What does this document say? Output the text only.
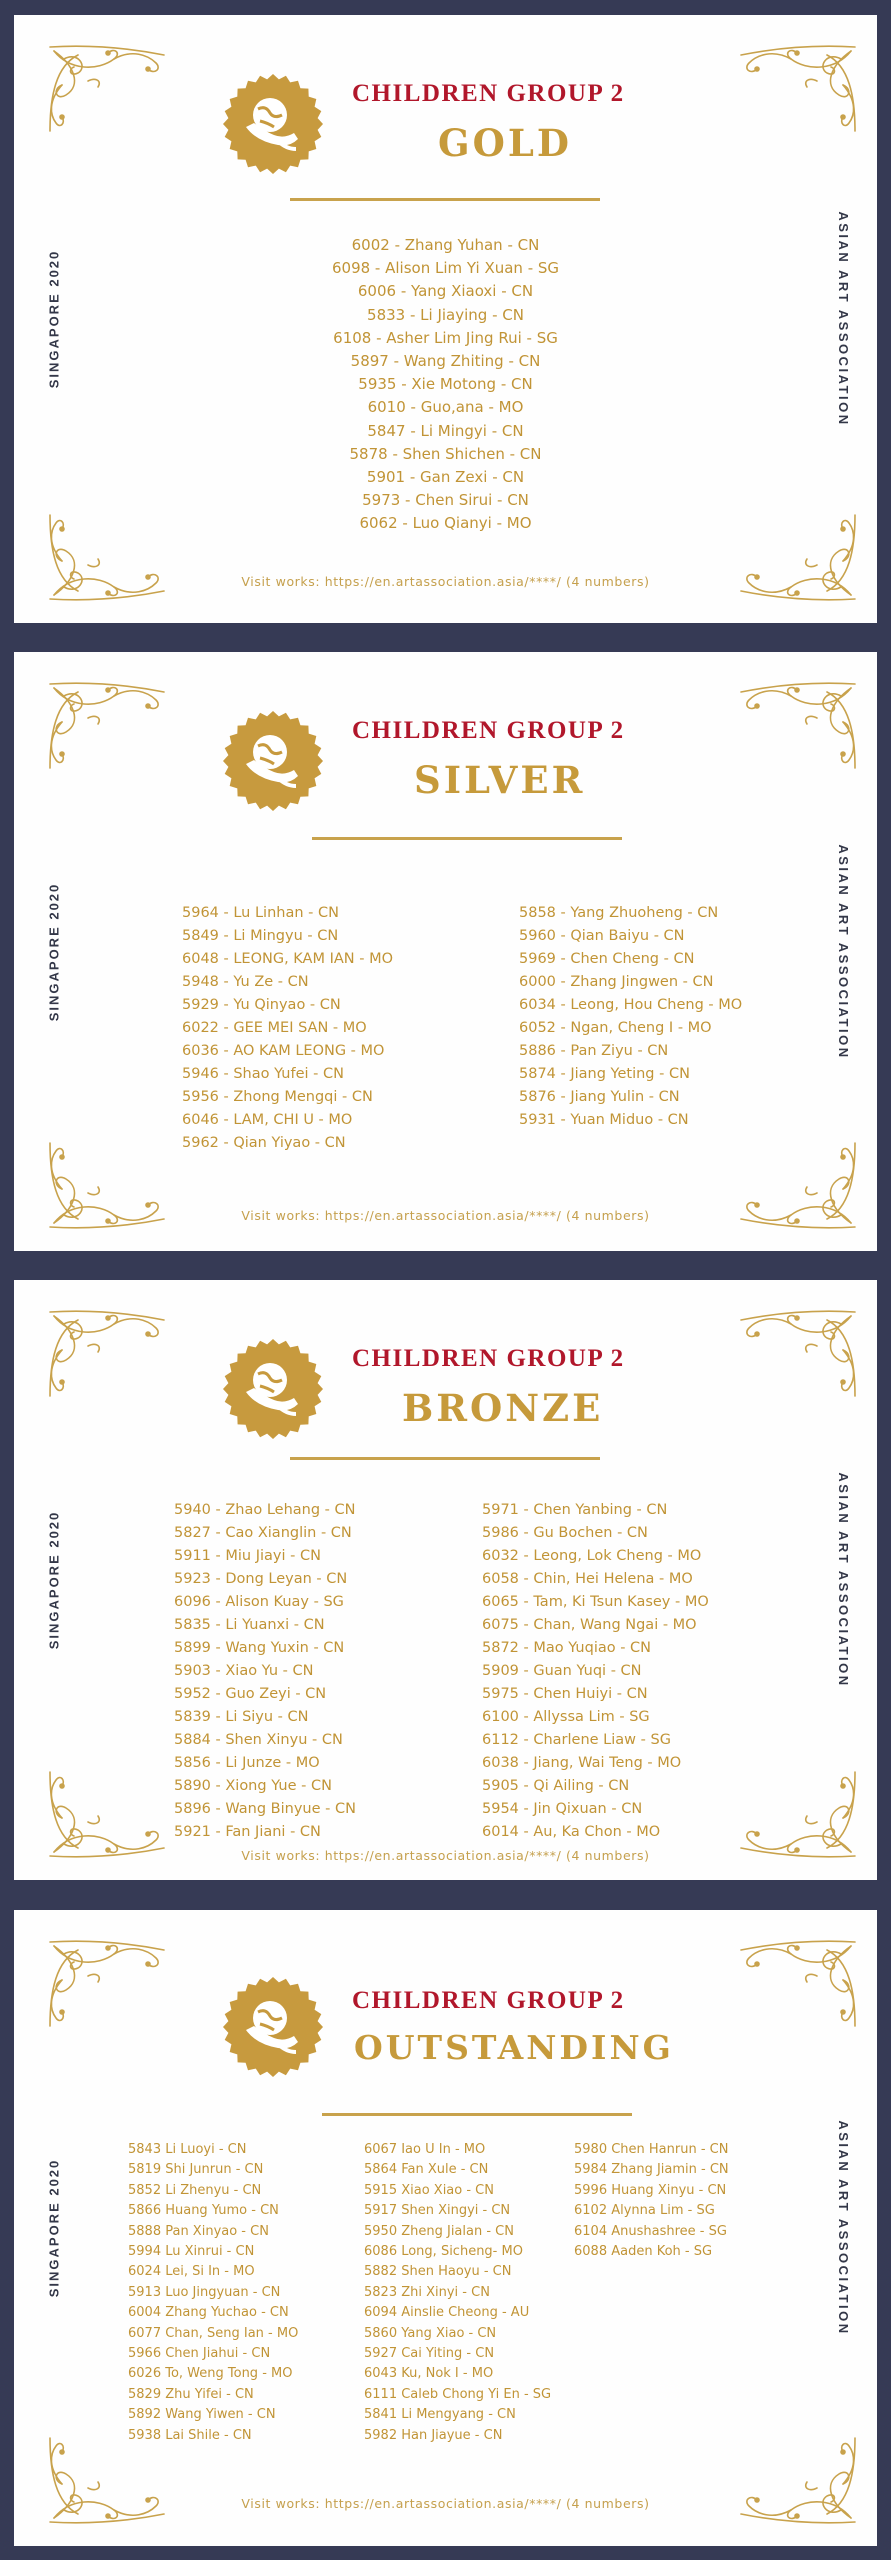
SINGAPORE 2020	ASIAN ART ASSOCIATION
CHILDREN GROUP 2
GOLD
6002 - Zhang Yuhan - CN
6098 - Alison Lim Yi Xuan - SG
6006 - Yang Xiaoxi - CN
5833 - Li Jiaying - CN
6108 - Asher Lim Jing Rui - SG
5897 - Wang Zhiting - CN
5935 - Xie Motong - CN
6010 - Guo,ana - MO
5847 - Li Mingyi - CN
5878 - Shen Shichen - CN
5901 - Gan Zexi - CN
5973 - Chen Sirui - CN
6062 - Luo Qianyi - MO
Visit works: https://en.artassociation.asia/****/ (4 numbers)
SINGAPORE 2020	ASIAN ART ASSOCIATION
CHILDREN GROUP 2
SILVER
5964 - Lu Linhan - CN
5849 - Li Mingyu - CN
6048 - LEONG, KAM IAN - MO
5948 - Yu Ze - CN
5929 - Yu Qinyao - CN
6022 - GEE MEI SAN - MO
6036 - AO KAM LEONG - MO
5946 - Shao Yufei - CN
5956 - Zhong Mengqi - CN
6046 - LAM, CHI U - MO
5962 - Qian Yiyao - CN
5858 - Yang Zhuoheng - CN
5960 - Qian Baiyu - CN
5969 - Chen Cheng - CN
6000 - Zhang Jingwen - CN
6034 - Leong, Hou Cheng - MO
6052 - Ngan, Cheng I - MO
5886 - Pan Ziyu - CN
5874 - Jiang Yeting - CN
5876 - Jiang Yulin - CN
5931 - Yuan Miduo - CN
Visit works: https://en.artassociation.asia/****/ (4 numbers)
SINGAPORE 2020	ASIAN ART ASSOCIATION
CHILDREN GROUP 2
BRONZE
5940 - Zhao Lehang - CN
5827 - Cao Xianglin - CN
5911 - Miu Jiayi - CN
5923 - Dong Leyan - CN
6096 - Alison Kuay - SG
5835 - Li Yuanxi - CN
5899 - Wang Yuxin - CN
5903 - Xiao Yu - CN
5952 - Guo Zeyi - CN
5839 - Li Siyu - CN
5884 - Shen Xinyu - CN
5856 - Li Junze - MO
5890 - Xiong Yue - CN
5896 - Wang Binyue - CN
5921 - Fan Jiani - CN
5971 - Chen Yanbing - CN
5986 - Gu Bochen - CN
6032 - Leong, Lok Cheng - MO
6058 - Chin, Hei Helena - MO
6065 - Tam, Ki Tsun Kasey - MO
6075 - Chan, Wang Ngai - MO
5872 - Mao Yuqiao - CN
5909 - Guan Yuqi - CN
5975 - Chen Huiyi - CN
6100 - Allyssa Lim - SG
6112 - Charlene Liaw - SG
6038 - Jiang, Wai Teng - MO
5905 - Qi Ailing - CN
5954 - Jin Qixuan - CN
6014 - Au, Ka Chon - MO
Visit works: https://en.artassociation.asia/****/ (4 numbers)
SINGAPORE 2020	ASIAN ART ASSOCIATION
CHILDREN GROUP 2
OUTSTANDING
5843 Li Luoyi - CN
5819 Shi Junrun - CN
5852 Li Zhenyu - CN
5866 Huang Yumo - CN
5888 Pan Xinyao - CN
5994 Lu Xinrui - CN
6024 Lei, Si In - MO
5913 Luo Jingyuan - CN
6004 Zhang Yuchao - CN
6077 Chan, Seng Ian - MO
5966 Chen Jiahui - CN
6026 To, Weng Tong - MO
5829 Zhu Yifei - CN
5892 Wang Yiwen - CN
5938 Lai Shile - CN
6067 Iao U In - MO
5864 Fan Xule - CN
5915 Xiao Xiao - CN
5917 Shen Xingyi - CN
5950 Zheng Jialan - CN
6086 Long, Sicheng- MO
5882 Shen Haoyu - CN
5823 Zhi Xinyi - CN
6094 Ainslie Cheong - AU
5860 Yang Xiao - CN
5927 Cai Yiting - CN
6043 Ku, Nok I - MO
6111 Caleb Chong Yi En - SG
5841 Li Mengyang - CN
5982 Han Jiayue - CN
5980 Chen Hanrun - CN
5984 Zhang Jiamin - CN
5996 Huang Xinyu - CN
6102 Alynna Lim - SG
6104 Anushashree - SG
6088 Aaden Koh - SG
Visit works: https://en.artassociation.asia/****/ (4 numbers)
